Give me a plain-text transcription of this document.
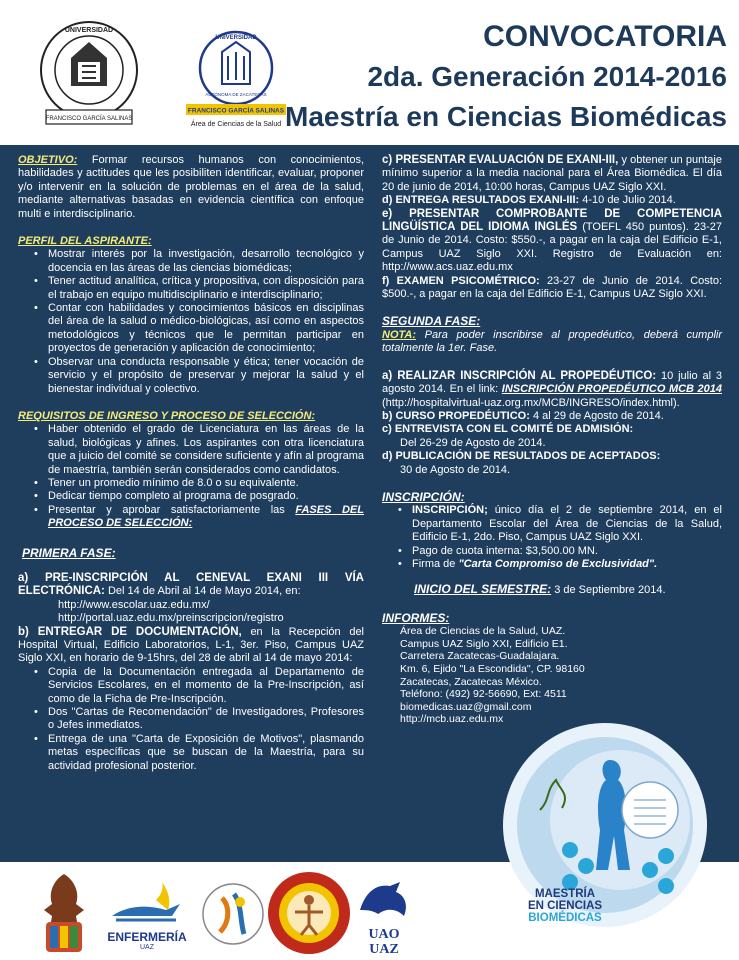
UNIVERSIDAD
FRANCISCO GARCÍA SALINAS
UNIVERSIDAD
AUTÓNOMA DE ZACATECAS
FRANCISCO GARCÍA SALINAS
Área de Ciencias de la Salud
CONVOCATORIA
2da. Generación 2014-2016
Maestría en Ciencias Biomédicas

OBJETIVO: Formar recursos humanos con conocimientos, habilidades y actitudes que les posibiliten identificar, evaluar, proponer y/o intervenir en la solución de problemas en el área de la salud, mediante alternativas basadas en evidencia científica con enfoque multi e interdisciplinario.

PERFIL DEL ASPIRANTE:

• Mostrar interés por la investigación, desarrollo tecnológico y docencia en las áreas de las ciencias biomédicas;
• Tener actitud analítica, crítica y propositiva, con disposición para el trabajo en equipo multidisciplinario e interdisciplinario;
• Contar con habilidades y conocimientos básicos en disciplinas del área de la salud o médico-biológicas, así como en aspectos metodológicos y técnicos que le permitan participar en proyectos de generación y aplicación de conocimiento;
• Observar una conducta responsable y ética; tener vocación de servicio y el propósito de preservar y mejorar la salud y el bienestar individual y colectivo.

REQUISITOS DE INGRESO Y PROCESO DE SELECCIÓN:

• Haber obtenido el grado de Licenciatura en las áreas de la salud, biológicas y afines. Los aspirantes con otra licenciatura que a juicio del comité se considere suficiente y afín al programa de maestría, también serán considerados como candidatos.
• Tener un promedio mínimo de 8.0 o su equivalente.
• Dedicar tiempo completo al programa de posgrado.
• Presentar y aprobar satisfactoriamente las FASES DEL PROCESO DE SELECCIÓN:

PRIMERA FASE:

a) PRE-INSCRIPCIÓN AL CENEVAL EXANI III VÍA ELECTRÓNICA: Del 14 de Abril al 14 de Mayo 2014, en:

http://www.escolar.uaz.edu.mx/

http://portal.uaz.edu.mx/preinscripcion/registro

b) ENTREGAR DE DOCUMENTACIÓN, en la Recepción del Hospital Virtual, Edificio Laboratorios, L-1, 3er. Piso, Campus UAZ Siglo XXI, en horario de 9-15hrs, del 28 de abril al 14 de mayo 2014:

• Copia de la Documentación entregada al Departamento de Servicios Escolares, en el momento de la Pre-Inscripción, así como de la Ficha de Pre-Inscripción.
• Dos "Cartas de Recomendación" de Investigadores, Profesores o Jefes inmediatos.
• Entrega de una "Carta de Exposición de Motivos", plasmando metas específicas que se buscan de la Maestría, para su actividad profesional posterior.

c) PRESENTAR EVALUACIÓN DE EXANI-III, y obtener un puntaje mínimo superior a la media nacional para el Área Biomédica. El día 20 de junio de 2014, 10:00 horas, Campus UAZ Siglo XXI.

d) ENTREGA RESULTADOS EXANI-III: 4-10 de Julio 2014.

e) PRESENTAR COMPROBANTE DE COMPETENCIA LINGÜÍSTICA DEL IDIOMA INGLÉS (TOEFL 450 puntos). 23-27 de Junio de 2014. Costo: $550.-, a pagar en la caja del Edificio E-1, Campus UAZ Siglo XXI. Registro de Evaluación en: http://www.acs.uaz.edu.mx

f) EXAMEN PSICOMÉTRICO: 23-27 de Junio de 2014. Costo: $500.-, a pagar en la caja del Edificio E-1, Campus UAZ Siglo XXI.

SEGUNDA FASE:

NOTA: Para poder inscribirse al propedéutico, deberá cumplir totalmente la 1er. Fase.

a) REALIZAR INSCRIPCIÓN AL PROPEDÉUTICO: 10 julio al 3 agosto 2014. En el link: INSCRIPCIÓN PROPEDÉUTICO MCB 2014 (http://hospitalvirtual-uaz.org.mx/MCB/INGRESO/index.html).

b) CURSO PROPEDÉUTICO: 4 al 29 de Agosto de 2014.

c) ENTREVISTA CON EL COMITÉ DE ADMISIÓN:

Del 26-29 de Agosto de 2014.

d) PUBLICACIÓN DE RESULTADOS DE ACEPTADOS:

30 de Agosto de 2014.

INSCRIPCIÓN:

• INSCRIPCIÓN; único día el 2 de septiembre 2014, en el Departamento Escolar del Área de Ciencias de la Salud, Edificio E-1, 2do. Piso, Campus UAZ Siglo XXI.
• Pago de cuota interna: $3,500.00 MN.
• Firma de "Carta Compromiso de Exclusividad".

INICIO DEL SEMESTRE: 3 de Septiembre 2014.

INFORMES:

Área de Ciencias de la Salud, UAZ.

Campus UAZ Siglo XXI, Edificio E1.

Carretera Zacatecas-Guadalajara.

Km. 6, Ejido "La Escondida", CP. 98160

Zacatecas, Zacatecas México.

Teléfono: (492) 92-56690, Ext: 4511

biomedicas.uaz@gmail.com

http://mcb.uaz.edu.mx

ENFERMERÍA
UAZ
UAO
UAZ
MAESTRÍA
EN CIENCIAS
BIOMÉDICAS
